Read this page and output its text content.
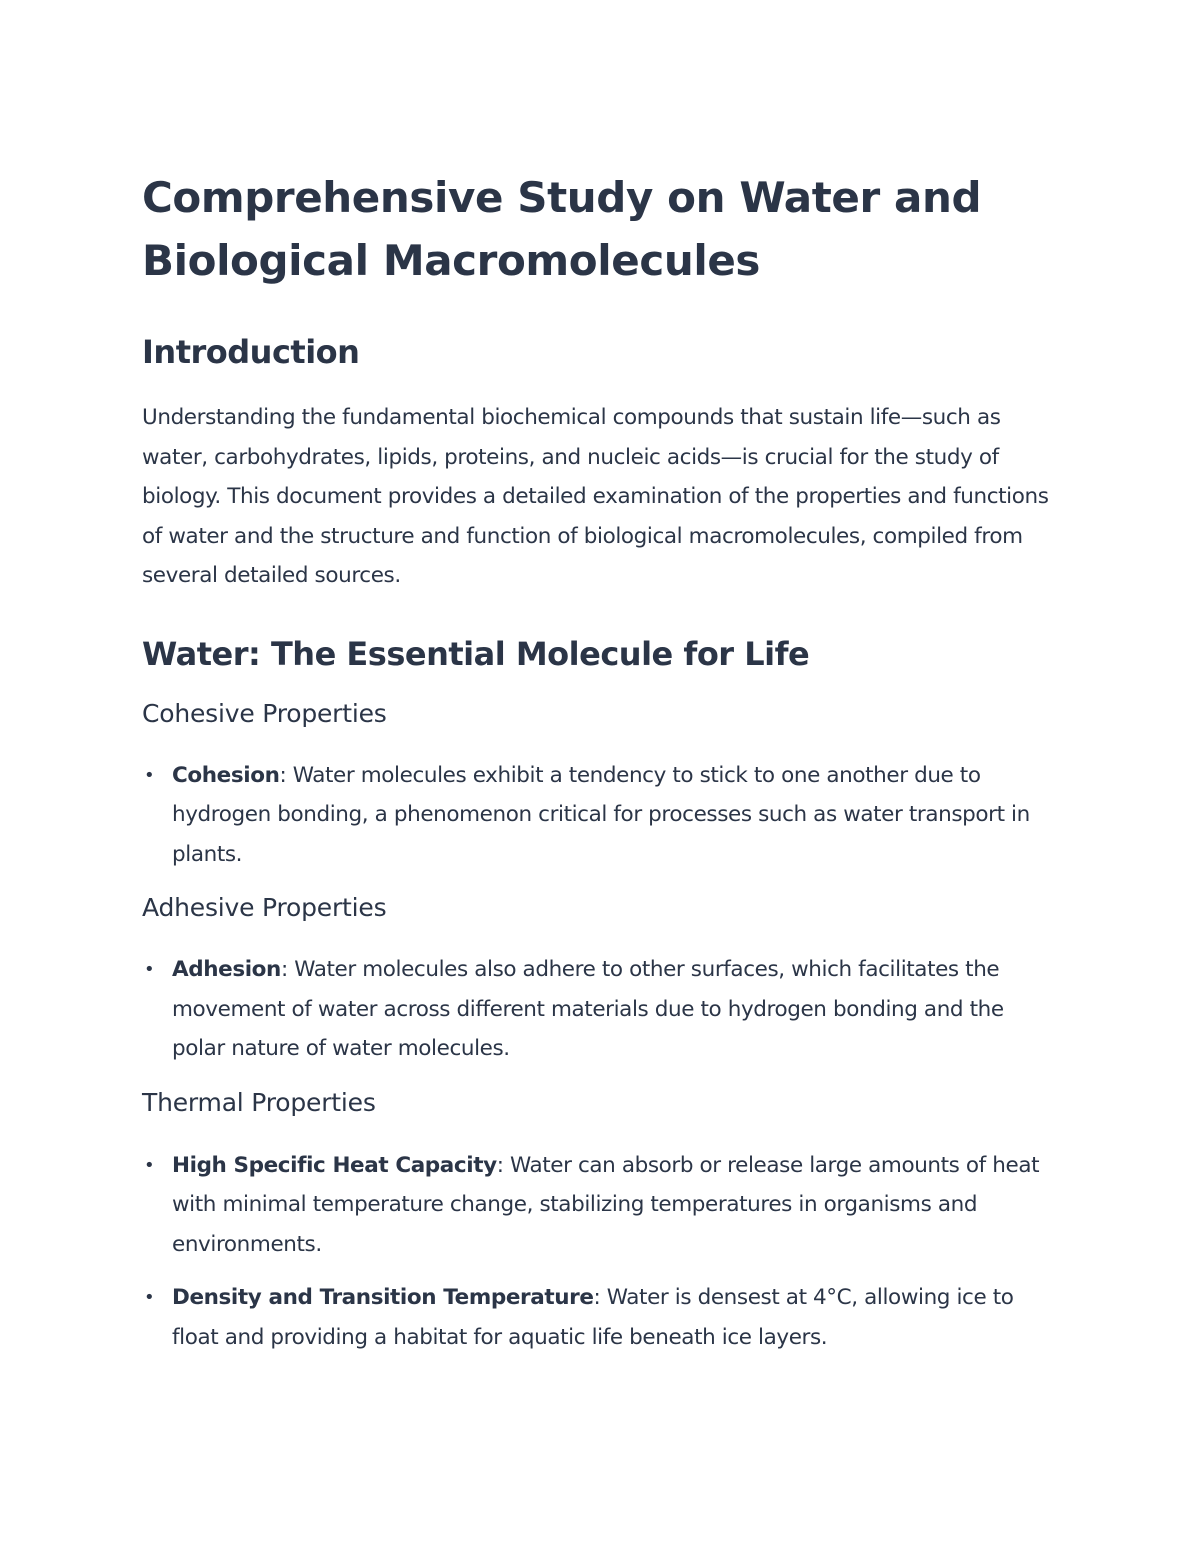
Comprehensive Study on Water and Biological Macromolecules
Introduction

Understanding the fundamental biochemical compounds that sustain life—such as water, carbohydrates, lipids, proteins, and nucleic acids—is crucial for the study of biology. This document provides a detailed examination of the properties and functions of water and the structure and function of biological macromolecules, compiled from several detailed sources.

Water: The Essential Molecule for Life
Cohesive Properties
• Cohesion: Water molecules exhibit a tendency to stick to one another due to hydrogen bonding, a phenomenon critical for processes such as water transport in plants.
Adhesive Properties
• Adhesion: Water molecules also adhere to other surfaces, which facilitates the movement of water across different materials due to hydrogen bonding and the polar nature of water molecules.
Thermal Properties
• High Specific Heat Capacity: Water can absorb or release large amounts of heat with minimal temperature change, stabilizing temperatures in organisms and environments.
• Density and Transition Temperature: Water is densest at 4°C, allowing ice to float and providing a habitat for aquatic life beneath ice layers.
